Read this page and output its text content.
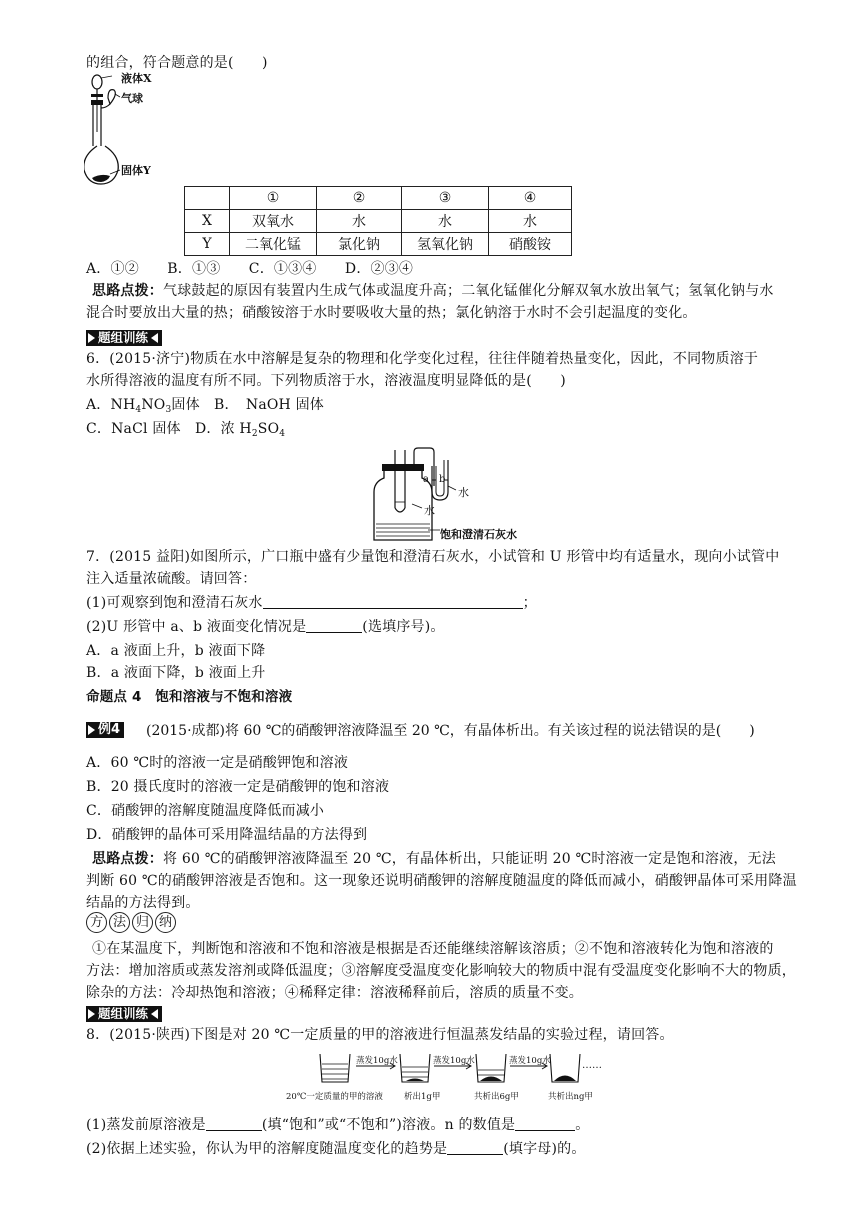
的组合，符合题意的是(　　)
液体X
气球
固体Y
	①	②	③	④
X	双氧水	水	水	水
Y	二氧化锰	氯化钠	氢氧化钠	硝酸铵
A．①②　　B．①③　　C．①③④　　D．②③④
思路点拨：气球鼓起的原因有装置内生成气体或温度升高；二氧化锰催化分解双氧水放出氧气；氢氧化钠与水
混合时要放出大量的热；硝酸铵溶于水时要吸收大量的热；氯化钠溶于水时不会引起温度的变化。
题组训练
6．(2015·济宁)物质在水中溶解是复杂的物理和化学变化过程，往往伴随着热量变化，因此，不同物质溶于
水所得溶液的温度有所不同。下列物质溶于水，溶液温度明显降低的是(　　)
A．$NH_4NO_3$固体　B．　NaOH 固体
C．NaCl 固体　D．浓 $H_2SO_4$
a b
水
水
饱和澄清石灰水
7．(2015 益阳)如图所示，广口瓶中盛有少量饱和澄清石灰水，小试管和 U 形管中均有适量水，现向小试管中
注入适量浓硫酸。请回答：
(1)可观察到饱和澄清石灰水	；
(2)U 形管中 a、b 液面变化情况是	(选填序号)。
A．a 液面上升，b 液面下降
B．a 液面下降，b 液面上升
命题点 4　饱和溶液与不饱和溶液
例4 (2015·成都)将 60 ℃的硝酸钾溶液降温至 20 ℃，有晶体析出。有关该过程的说法错误的是(　　)
A．60 ℃时的溶液一定是硝酸钾饱和溶液
B．20 摄氏度时的溶液一定是硝酸钾的饱和溶液
C．硝酸钾的溶解度随温度降低而减小
D．硝酸钾的晶体可采用降温结晶的方法得到
思路点拨：将 60 ℃的硝酸钾溶液降温至 20 ℃，有晶体析出，只能证明 20 ℃时溶液一定是饱和溶液，无法
判断 60 ℃的硝酸钾溶液是否饱和。这一现象还说明硝酸钾的溶解度随温度的降低而减小，硝酸钾晶体可采用降温
结晶的方法得到。
方 法 归 纳
①在某温度下，判断饱和溶液和不饱和溶液是根据是否还能继续溶解该溶质；②不饱和溶液转化为饱和溶液的
方法：增加溶质或蒸发溶剂或降低温度；③溶解度受温度变化影响较大的物质中混有受温度变化影响不大的物质，
除杂的方法：冷却热饱和溶液；④稀释定律：溶液稀释前后，溶质的质量不变。
题组训练
8．(2015·陕西)下图是对 20 ℃一定质量的甲的溶液进行恒温蒸发结晶的实验过程，请回答。
蒸发10g水	蒸发10g水	蒸发10g水	……
20℃一定质量的甲的溶液 析出1g甲	共析出6g甲	共析出ng甲
(1)蒸发前原溶液是	(填“饱和”或“不饱和”)溶液。n 的数值是	。
(2)依据上述实验，你认为甲的溶解度随温度变化的趋势是	(填字母)的。
